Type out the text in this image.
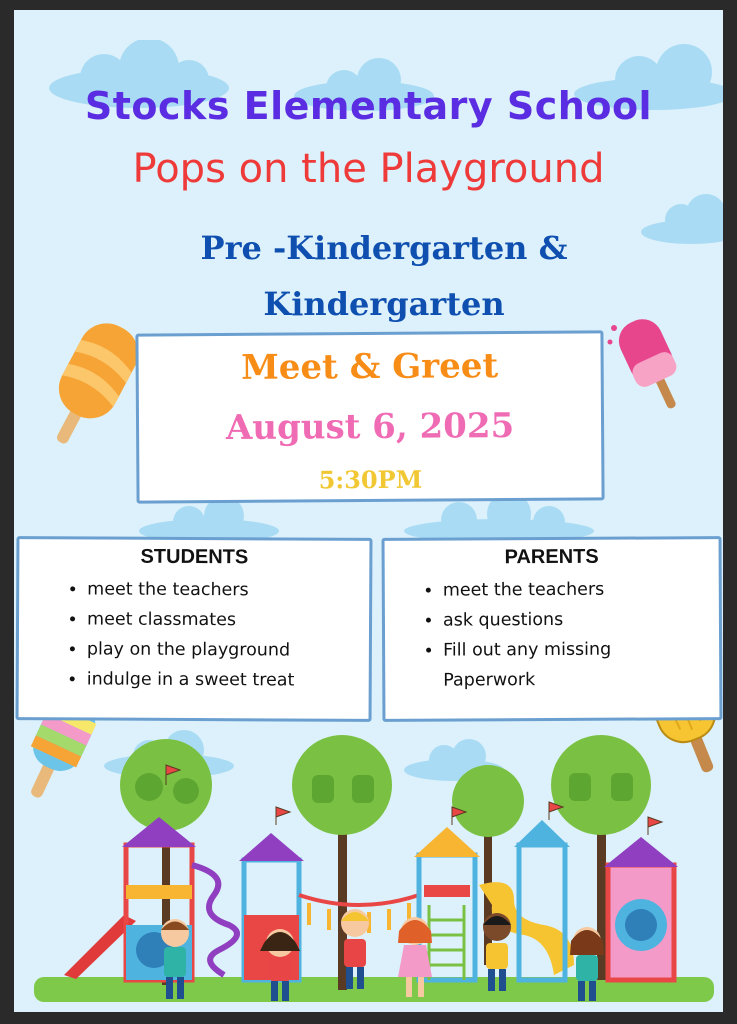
Stocks Elementary School
Pops on the Playground
Pre -Kindergarten & Kindergarten
Meet & Greet
August 6, 2025
5:30PM
STUDENTS
• meet the teachers
• meet classmates
• play on the playground
• indulge in a sweet treat
PARENTS
• meet the teachers
• ask questions
• Fill out any missing Paperwork
